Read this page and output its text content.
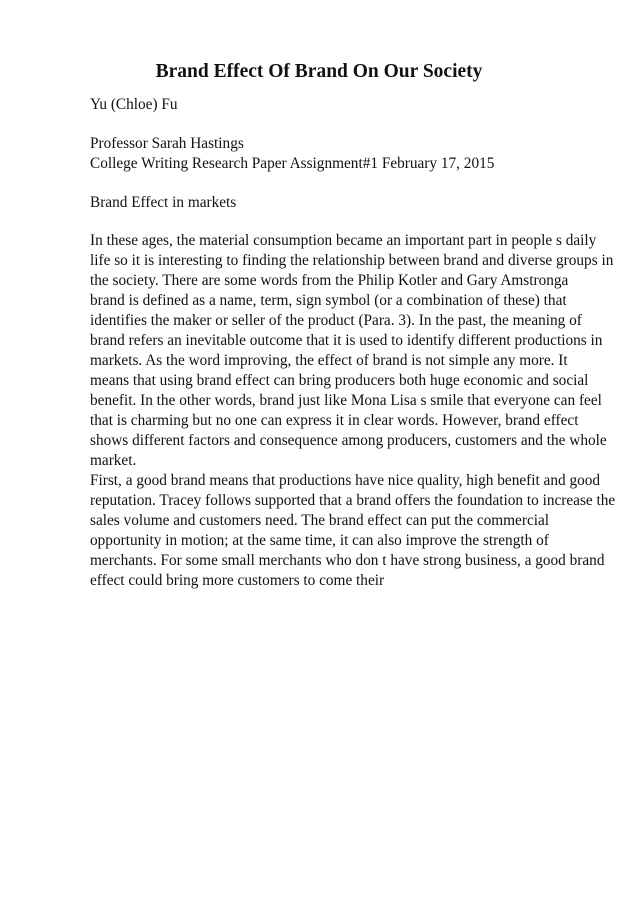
Brand Effect Of Brand On Our Society
Yu (Chloe) Fu
Professor Sarah Hastings
College Writing Research Paper Assignment#1 February 17, 2015
Brand Effect in markets
In these ages, the material consumption became an important part in people s daily
life so it is interesting to finding the relationship between brand and diverse groups in
the society. There are some words from the Philip Kotler and Gary Amstronga
brand is defined as a name, term, sign symbol (or a combination of these) that
identifies the maker or seller of the product (Para. 3). In the past, the meaning of
brand refers an inevitable outcome that it is used to identify different productions in
markets. As the word improving, the effect of brand is not simple any more. It
means that using brand effect can bring producers both huge economic and social
benefit. In the other words, brand just like Mona Lisa s smile that everyone can feel
that is charming but no one can express it in clear words. However, brand effect
shows different factors and consequence among producers, customers and the whole
market.
First, a good brand means that productions have nice quality, high benefit and good
reputation. Tracey follows supported that a brand offers the foundation to increase the
sales volume and customers need. The brand effect can put the commercial
opportunity in motion; at the same time, it can also improve the strength of
merchants. For some small merchants who don t have strong business, a good brand
effect could bring more customers to come their
